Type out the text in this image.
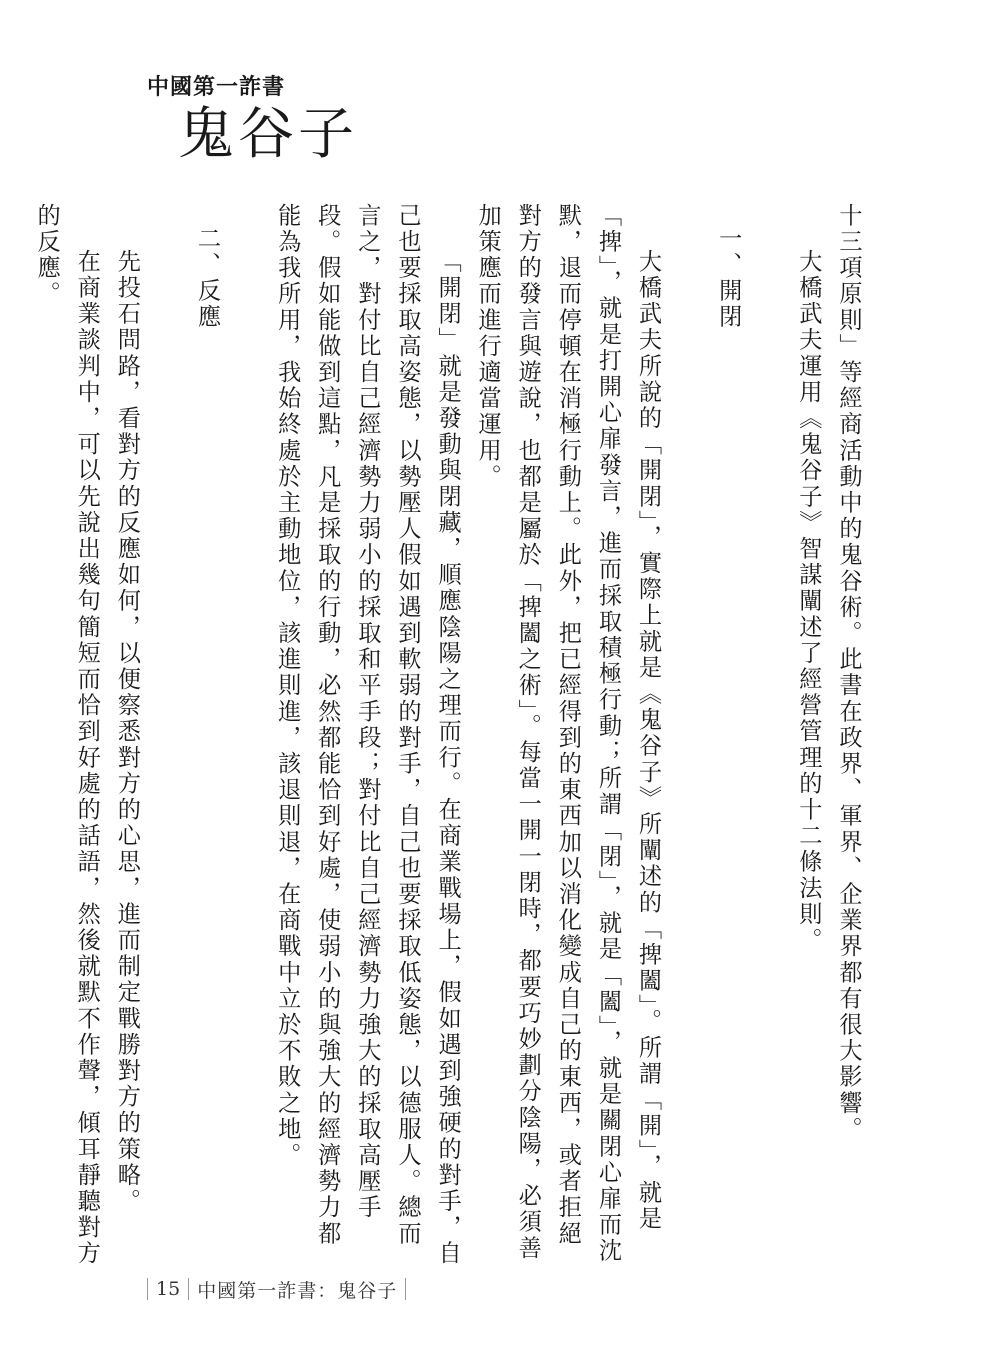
中國第一詐書
鬼谷子

十三項原則」等經商活動中的鬼谷術。此書在政界、軍界、企業界都有很大影響。

大橋武夫運用《鬼谷子》智謀闡述了經營管理的十二條法則。

一、開閉

大橋武夫所說的「開閉」，實際上就是《鬼谷子》所闡述的「捭闔」。所謂「開」，就是「捭」，就是打開心扉發言，進而採取積極行動；所謂「閉」，就是「闔」，就是關閉心扉而沈默，退而停頓在消極行動上。此外，把已經得到的東西加以消化變成自己的東西，或者拒絕對方的發言與遊說，也都是屬於「捭闔之術」。每當一開一閉時，都要巧妙劃分陰陽，必須善加策應而進行適當運用。

「開閉」就是發動與閉藏，順應陰陽之理而行。在商業戰場上，假如遇到強硬的對手，自己也要採取高姿態，以勢壓人假如遇到軟弱的對手，自己也要採取低姿態，以德服人。總而言之，對付比自己經濟勢力弱小的採取和平手段；對付比自己經濟勢力強大的採取高壓手段。假如能做到這點，凡是採取的行動，必然都能恰到好處，使弱小的與強大的經濟勢力都能為我所用，我始終處於主動地位，該進則進，該退則退，在商戰中立於不敗之地。

二、反應

先投石問路，看對方的反應如何，以便察悉對方的心思，進而制定戰勝對方的策略。

在商業談判中，可以先說出幾句簡短而恰到好處的話語，然後就默不作聲，傾耳靜聽對方的反應。

15 中國第一詐書：鬼谷子
